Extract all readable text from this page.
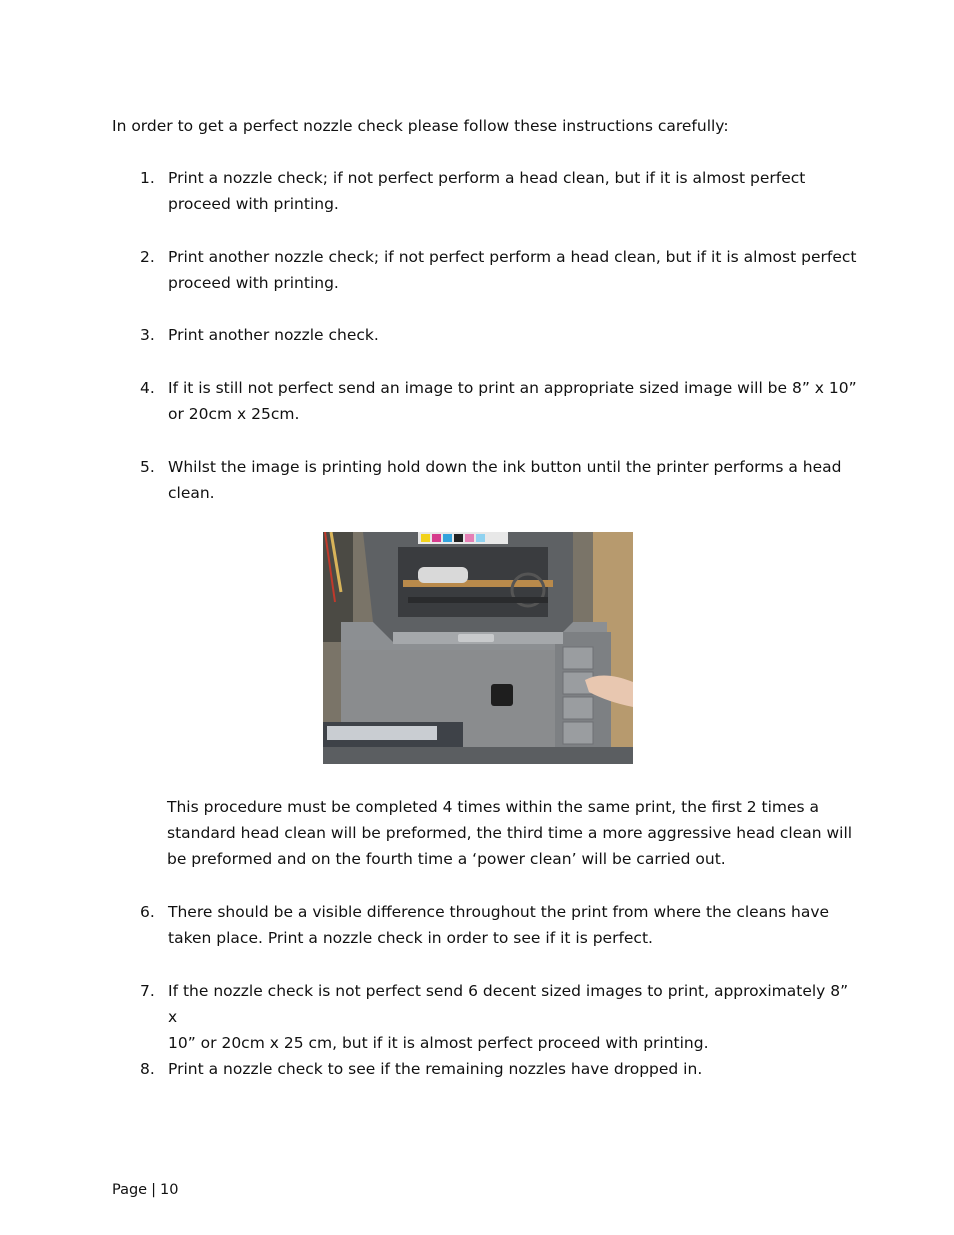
In order to get a perfect nozzle check please follow these instructions carefully:
1. Print a nozzle check; if not perfect perform a head clean, but if it is almost perfect
proceed with printing.
2. Print another nozzle check; if not perfect perform a head clean, but if it is almost perfect
proceed with printing.
3. Print another nozzle check.
4. If it is still not perfect send an image to print an appropriate sized image will be 8” x 10”
or 20cm x 25cm.
5. Whilst the image is printing hold down the ink button until the printer performs a head
clean.
This procedure must be completed 4 times within the same print, the first 2 times a
standard head clean will be preformed, the third time a more aggressive head clean will
be preformed and on the fourth time a ‘power clean’ will be carried out.
6. There should be a visible difference throughout the print from where the cleans have
taken place. Print a nozzle check in order to see if it is perfect.
7. If the nozzle check is not perfect send 6 decent sized images to print, approximately 8” x
10” or 20cm x 25 cm, but if it is almost perfect proceed with printing.
8. Print a nozzle check to see if the remaining nozzles have dropped in.
Page | 10
